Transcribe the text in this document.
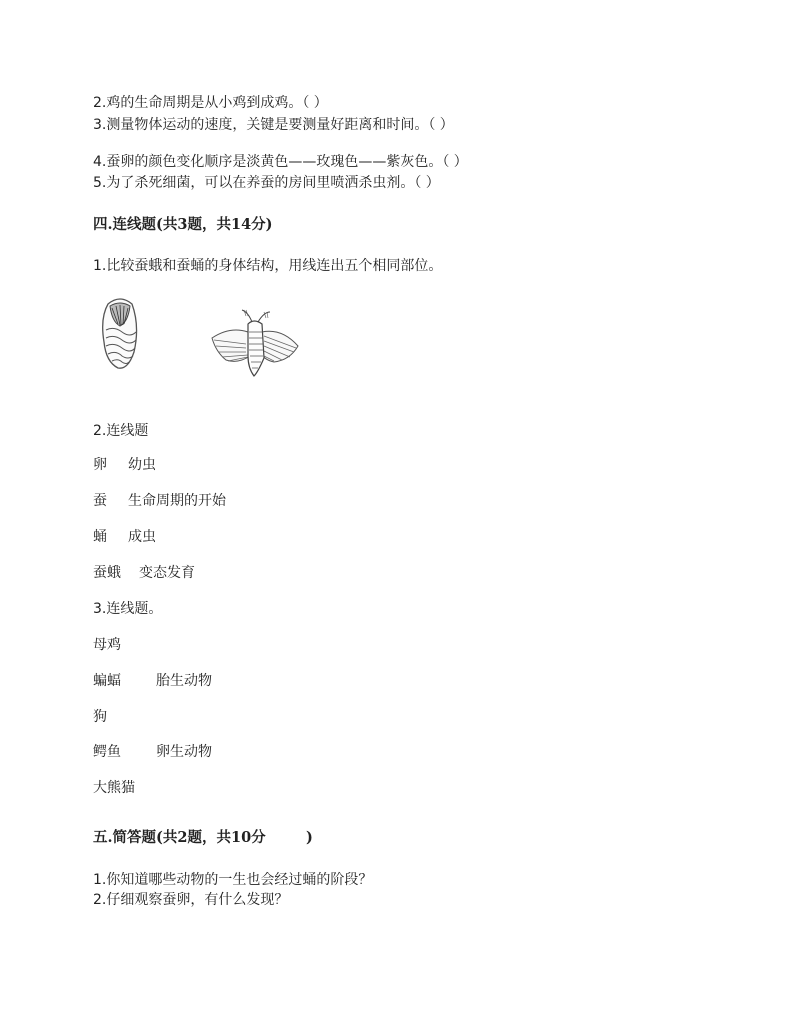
2.鸡的生命周期是从小鸡到成鸡。（ ）
3.测量物体运动的速度，关键是要测量好距离和时间。（ ）
4.蚕卵的颜色变化顺序是淡黄色——玫瑰色——紫灰色。（ ）
5.为了杀死细菌，可以在养蚕的房间里喷洒杀虫剂。（ ）
四.连线题(共3题，共14分)
1.比较蚕蛾和蚕蛹的身体结构，用线连出五个相同部位。
2.连线题
卵 幼虫
蚕 生命周期的开始
蛹 成虫
蚕蛾 变态发育
3.连线题。
母鸡
蝙蝠	胎生动物
狗
鳄鱼	卵生动物
大熊猫
五.简答题(共2题，共10分        )
1.你知道哪些动物的一生也会经过蛹的阶段？
2.仔细观察蚕卵，有什么发现？
